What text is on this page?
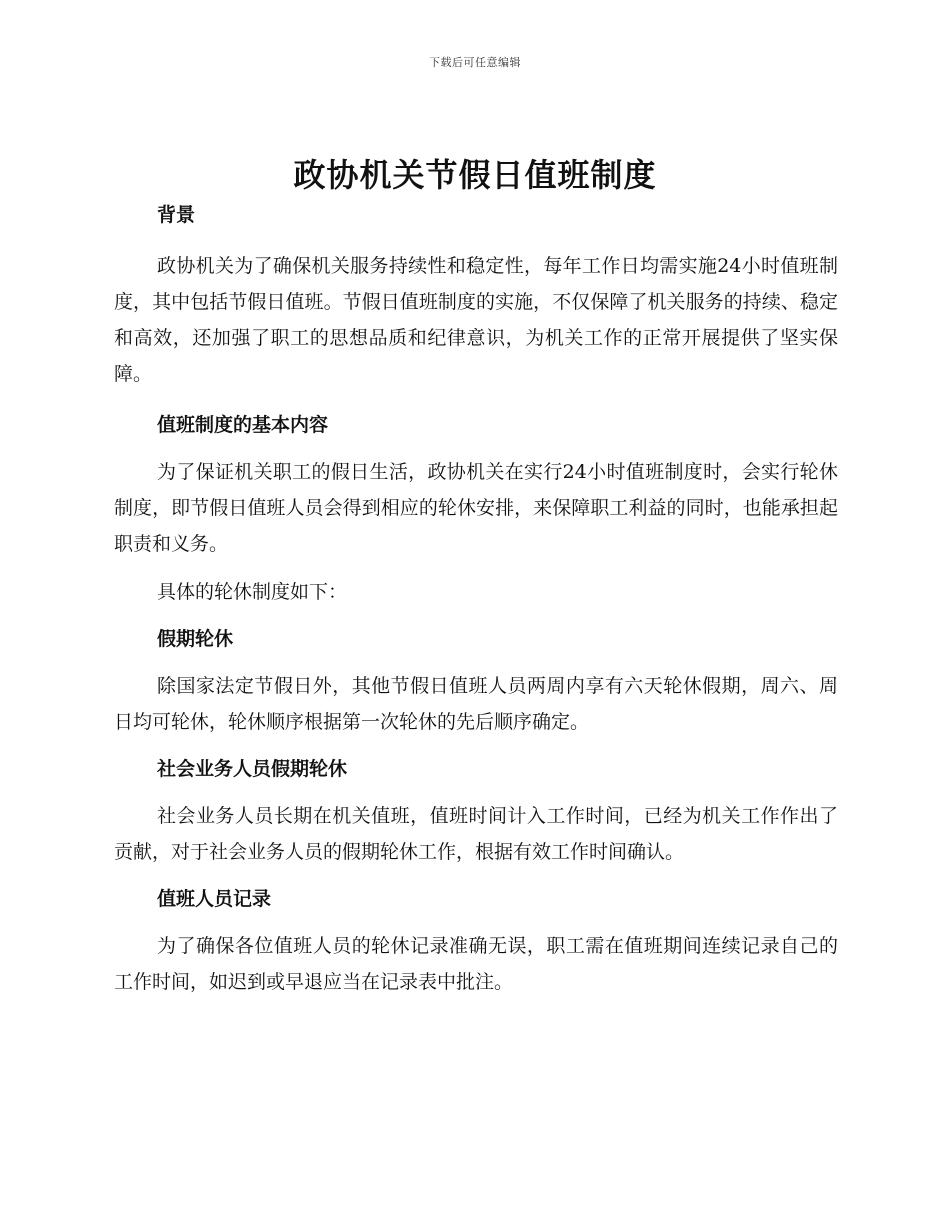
下载后可任意编辑
政协机关节假日值班制度
背景

政协机关为了确保机关服务持续性和稳定性，每年工作日均需实施24小时值班制度，其中包括节假日值班。节假日值班制度的实施，不仅保障了机关服务的持续、稳定和高效，还加强了职工的思想品质和纪律意识，为机关工作的正常开展提供了坚实保障。

值班制度的基本内容

为了保证机关职工的假日生活，政协机关在实行24小时值班制度时，会实行轮休制度，即节假日值班人员会得到相应的轮休安排，来保障职工利益的同时，也能承担起职责和义务。

具体的轮休制度如下：

假期轮休

除国家法定节假日外，其他节假日值班人员两周内享有六天轮休假期，周六、周日均可轮休，轮休顺序根据第一次轮休的先后顺序确定。

社会业务人员假期轮休

社会业务人员长期在机关值班，值班时间计入工作时间，已经为机关工作作出了贡献，对于社会业务人员的假期轮休工作，根据有效工作时间确认。

值班人员记录

为了确保各位值班人员的轮休记录准确无误，职工需在值班期间连续记录自己的工作时间，如迟到或早退应当在记录表中批注。
